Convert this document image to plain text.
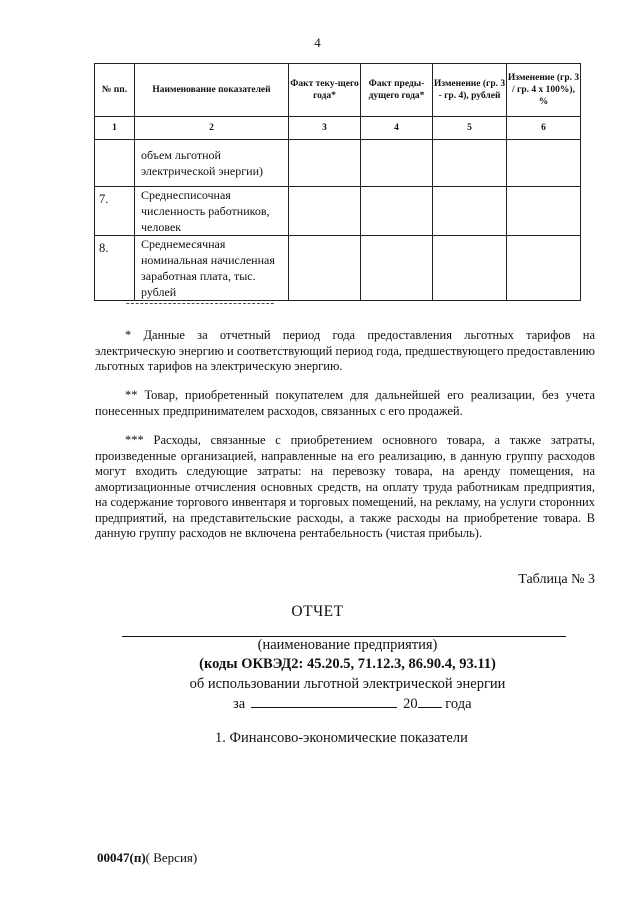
4
№ пп.	Наименование показателей	Факт теку-щего года*	Факт преды-дущего года*	Изменение (гр. 3 - гр. 4), рублей	Изменение (гр. 3 / гр. 4 х 100%), %
1	2	3	4	5	6
	объем льготной электрической энергии)				
7.	Среднесписочная численность работников, человек				
8.	Среднемесячная номинальная начисленная заработная плата, тыс. рублей				
--------------------------------

* Данные за отчетный период года предоставления льготных тарифов на электрическую энергию и соответствующий период года, предшествующего предоставлению льготных тарифов на электрическую энергию.

** Товар, приобретенный покупателем для дальнейшей его реализации, без учета понесенных предпринимателем расходов, связанных с его продажей.

*** Расходы, связанные с приобретением основного товара, а также затраты, произведенные организацией, направленные на его реализацию, в данную группу расходов могут входить следующие затраты: на перевозку товара, на аренду помещения, на амортизационные отчисления основных средств, на оплату труда работникам предприятия, на содержание торгового инвентаря и торговых помещений, на рекламу, на услуги сторонних предприятий, на представительские расходы, а также расходы на приобретение товара. В данную группу расходов не включена рентабельность (чистая прибыль).

Таблица № 3
ОТЧЕТ
(наименование предприятия)
(коды ОКВЭД2: 45.20.5, 71.12.3, 86.90.4, 93.11)
об использовании льготной электрической энергии
за	20 года
1. Финансово-экономические показатели
00047(п)( Версия)
